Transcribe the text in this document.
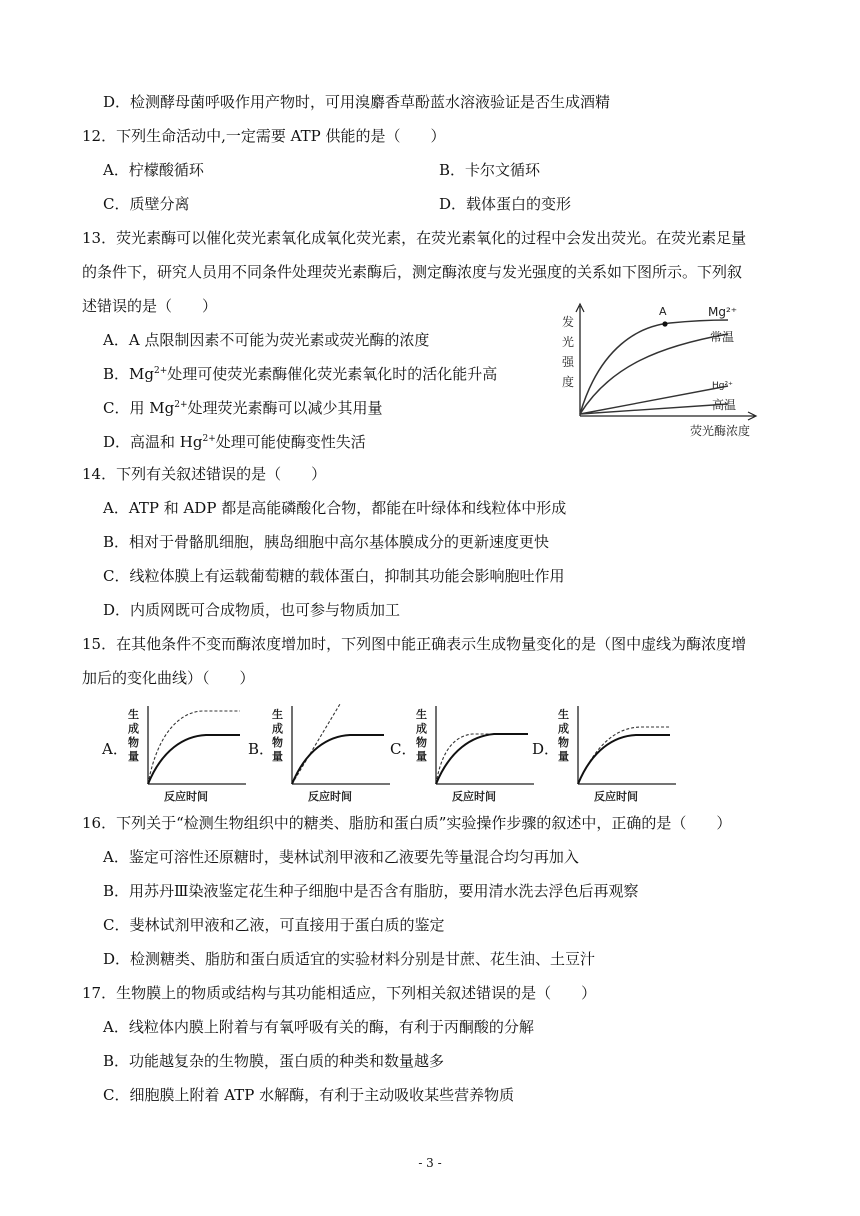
D．检测酵母菌呼吸作用产物时，可用溴麝香草酚蓝水溶液验证是否生成酒精
12．下列生命活动中,一定需要 ATP 供能的是（　　）
A．柠檬酸循环	B．卡尔文循环
C．质壁分离	D．载体蛋白的变形
13．荧光素酶可以催化荧光素氧化成氧化荧光素，在荧光素氧化的过程中会发出荧光。在荧光素足量
的条件下，研究人员用不同条件处理荧光素酶后，测定酶浓度与发光强度的关系如下图所示。下列叙
述错误的是（　　）
A．A 点限制因素不可能为荧光素或荧光酶的浓度
B．$Mg^{2+}$处理可使荧光素酶催化荧光素氧化时的活化能升高
C．用 $Mg^{2+}$处理荧光素酶可以减少其用量
D．高温和 $Hg^{2+}$处理可能使酶变性失活
发
光
强
度
A	Mg²⁺
常温
Hg²⁺
高温
荧光酶浓度
14．下列有关叙述错误的是（　　）
A．ATP 和 ADP 都是高能磷酸化合物，都能在叶绿体和线粒体中形成
B．相对于骨骼肌细胞，胰岛细胞中高尔基体膜成分的更新速度更快
C．线粒体膜上有运载葡萄糖的载体蛋白，抑制其功能会影响胞吐作用
D．内质网既可合成物质，也可参与物质加工
15．在其他条件不变而酶浓度增加时，下列图中能正确表示生成物量变化的是（图中虚线为酶浓度增
加后的变化曲线）（　　）
A．
生
成
物
量
反应时间
B．
生
成
物
量
反应时间
C．
生
成
物
量
反应时间
D．
生
成
物
量
反应时间
16．下列关于“检测生物组织中的糖类、脂肪和蛋白质”实验操作步骤的叙述中，正确的是（　　）
A．鉴定可溶性还原糖时，斐林试剂甲液和乙液要先等量混合均匀再加入
B．用苏丹Ⅲ染液鉴定花生种子细胞中是否含有脂肪，要用清水洗去浮色后再观察
C．斐林试剂甲液和乙液，可直接用于蛋白质的鉴定
D．检测糖类、脂肪和蛋白质适宜的实验材料分别是甘蔗、花生油、土豆汁
17．生物膜上的物质或结构与其功能相适应，下列相关叙述错误的是（　　）
A．线粒体内膜上附着与有氧呼吸有关的酶，有利于丙酮酸的分解
B．功能越复杂的生物膜，蛋白质的种类和数量越多
C．细胞膜上附着 ATP 水解酶，有利于主动吸收某些营养物质
- 3 -
